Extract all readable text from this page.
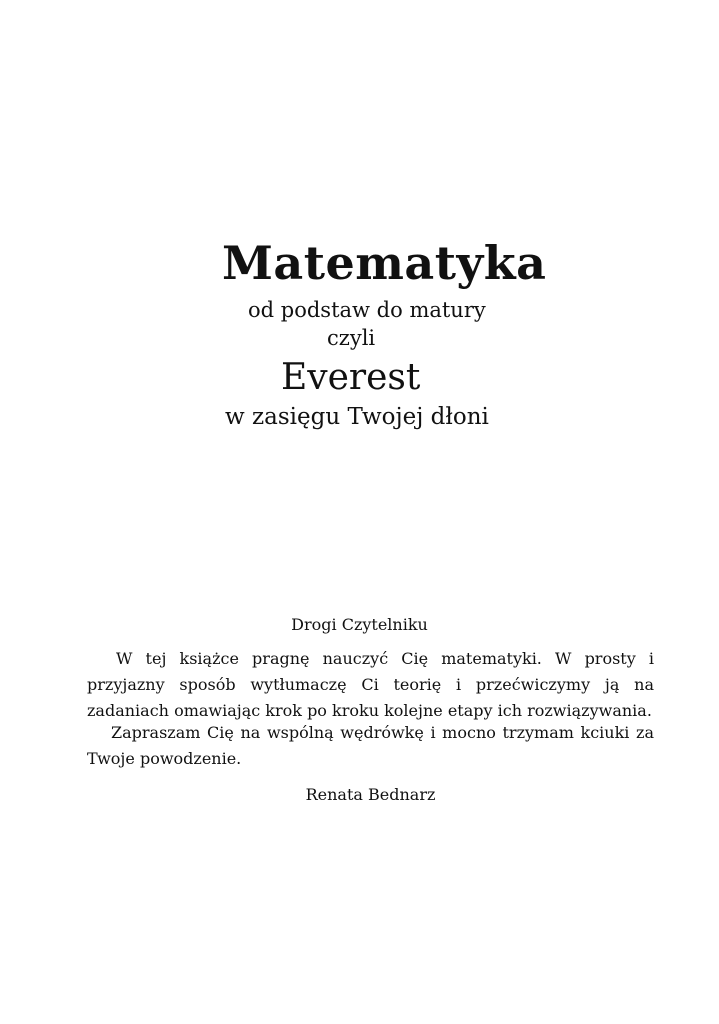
Matematyka
od podstaw do matury
czyli
Everest
w zasięgu Twojej dłoni
Drogi Czytelniku

W tej książce pragnę nauczyć Cię matematyki. W prosty i przyjazny sposób wytłumaczę Ci teorię i przećwiczymy ją na zadaniach omawiając krok po kroku kolejne etapy ich rozwiązywania.

Zapraszam Cię na wspólną wędrówkę i mocno trzymam kciuki za Twoje powodzenie.

Renata Bednarz
